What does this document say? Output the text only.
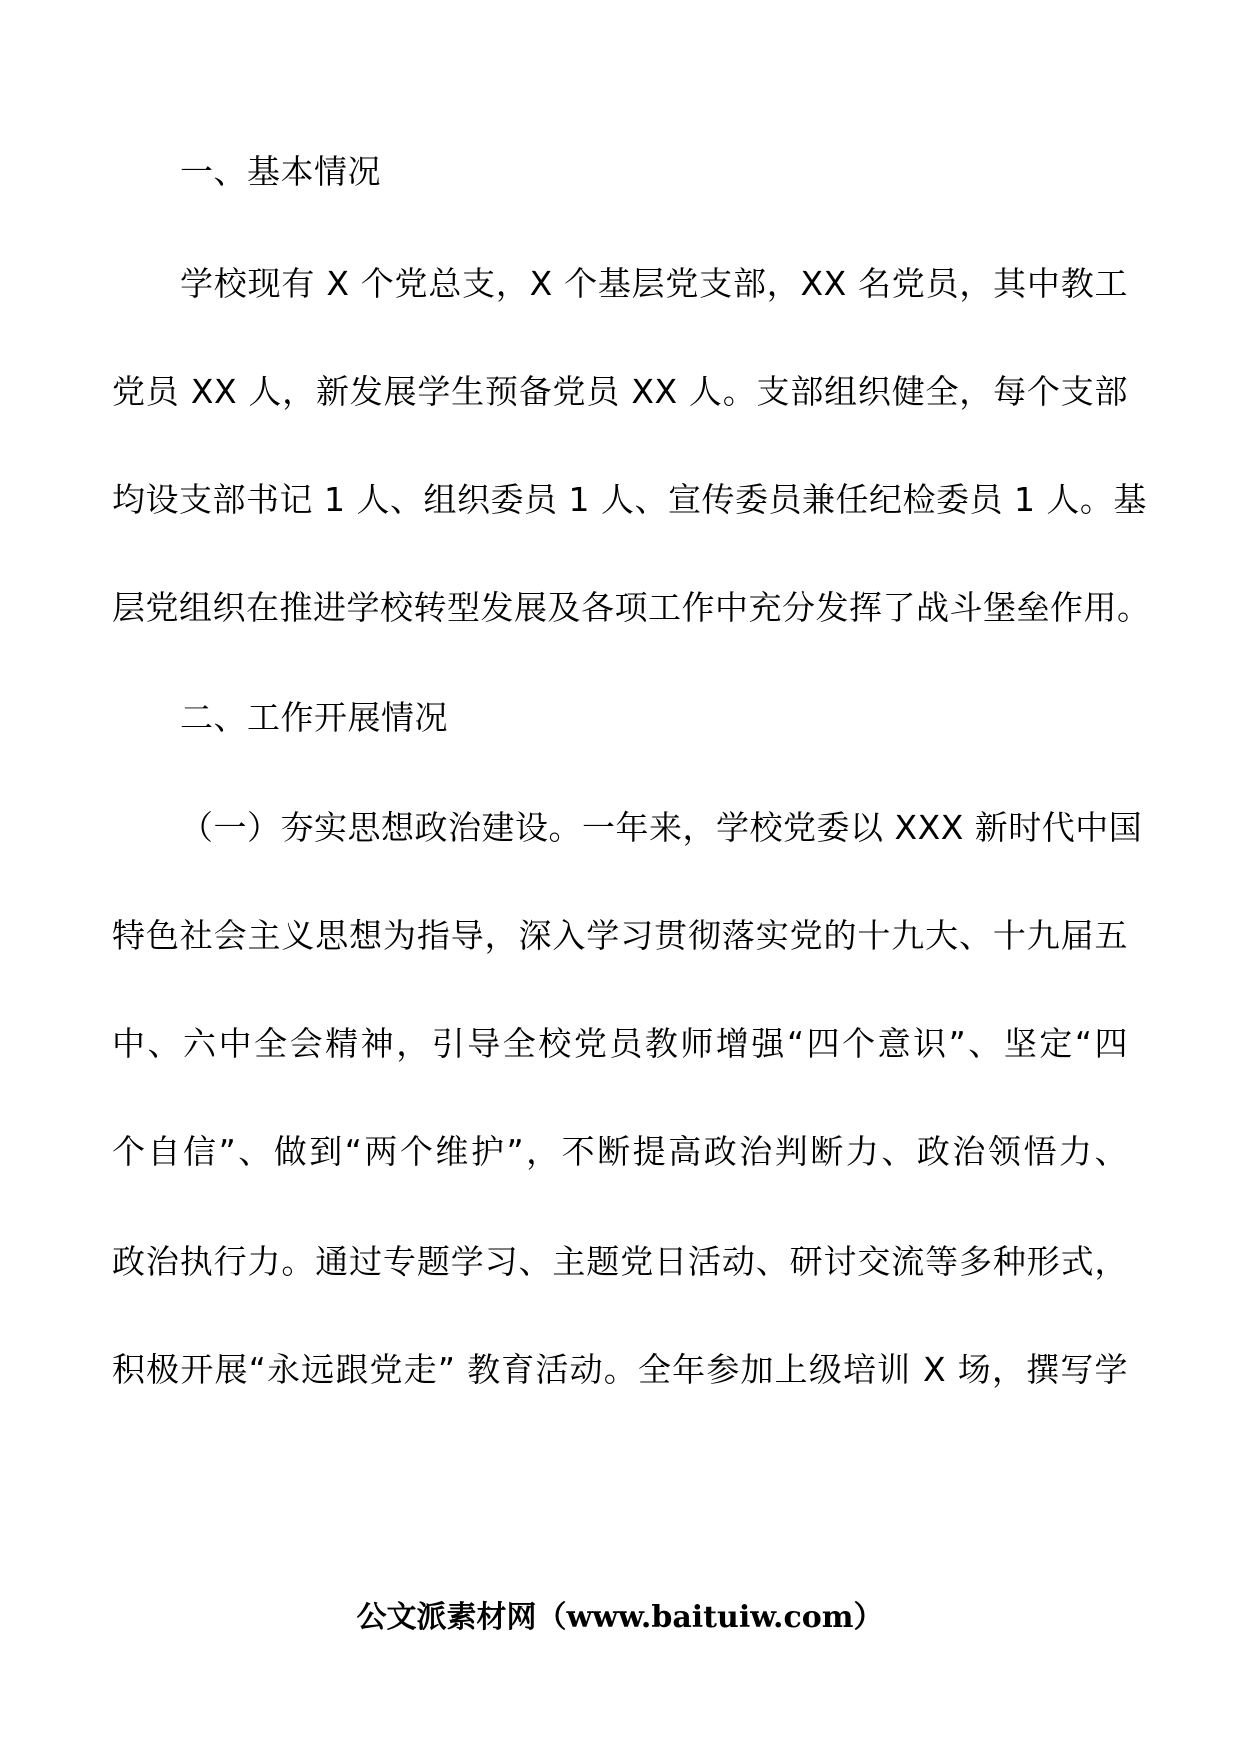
一、基本情况
学校现有 X 个党总支，X 个基层党支部，XX 名党员，其中教工
党员 XX 人，新发展学生预备党员 XX 人。支部组织健全，每个支部
均设支部书记 1 人、组织委员 1 人、宣传委员兼任纪检委员 1 人。基
层党组织在推进学校转型发展及各项工作中充分发挥了战斗堡垒作用。
二、工作开展情况
（一）夯实思想政治建设。一年来，学校党委以 XXX 新时代中国
特色社会主义思想为指导，深入学习贯彻落实党的十九大、十九届五
中、六中全会精神，引导全校党员教师增强“四个意识”、坚定“四
个自信”、做到“两个维护”，不断提高政治判断力、政治领悟力、
政治执行力。通过专题学习、主题党日活动、研讨交流等多种形式，
积极开展“永远跟党走” 教育活动。全年参加上级培训 X 场，撰写学
公文派素材网（www.baituiw.com）
